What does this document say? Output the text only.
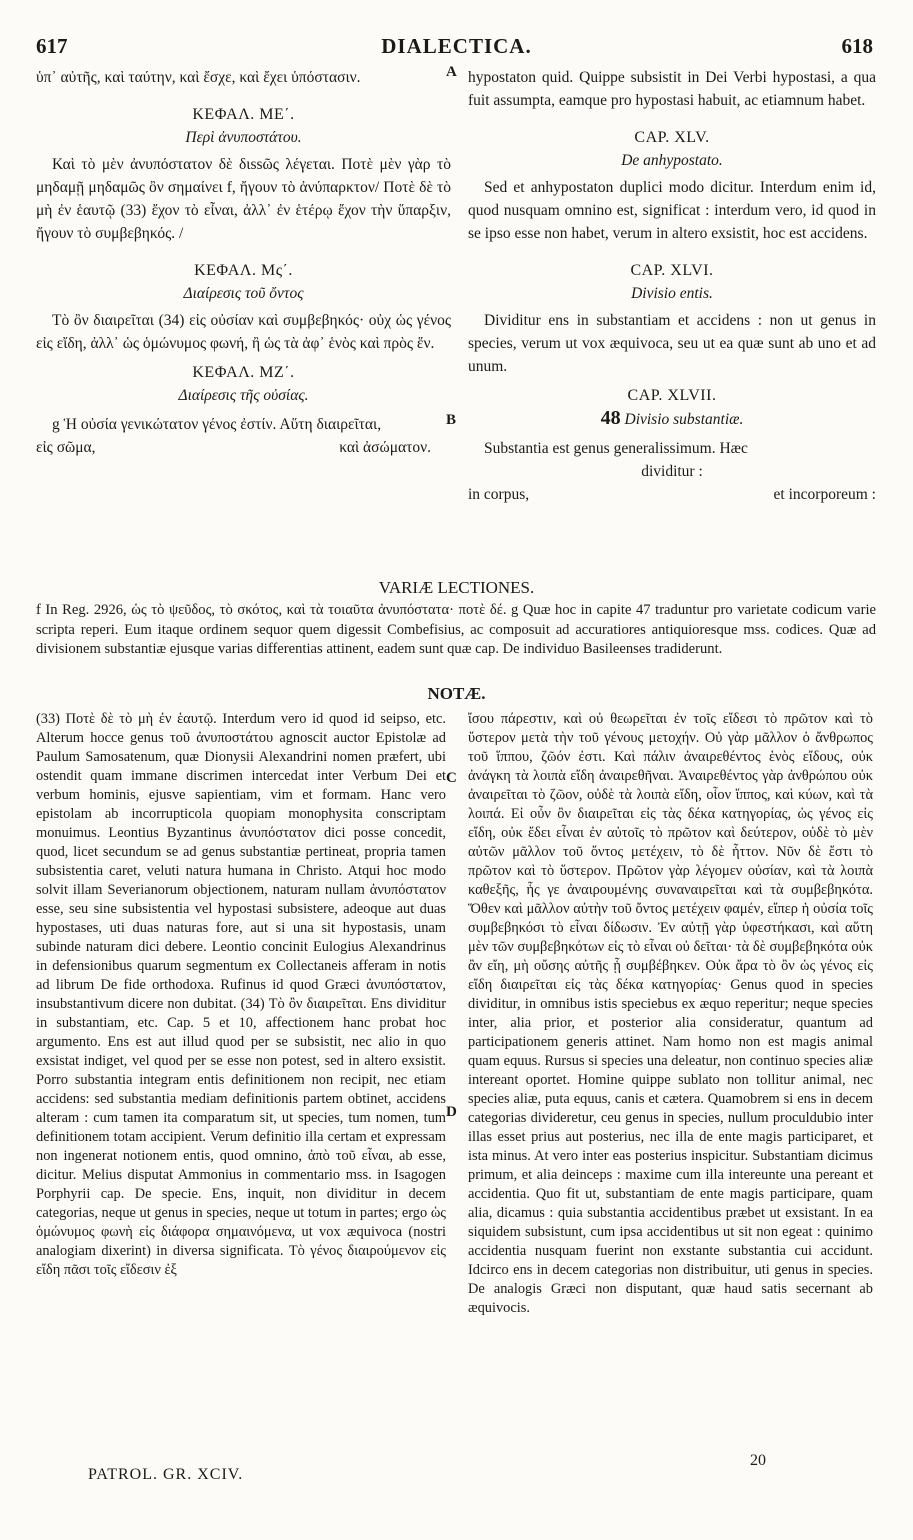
617	DIALECTICA.	618
A
B
C
D
ὑπ᾿ αὐτῆς, καὶ ταύτην, καὶ ἔσχε, καὶ ἔχει ὑπόστασιν.
ΚΕΦΑΛ. ΜΕ΄.
Περὶ ἀνυποστάτου.
Καὶ τὸ μὲν ἀνυπόστατον δὲ διssῶς λέγεται. Ποτὲ μὲν γὰρ τὸ μηδαμῇ μηδαμῶς ὂν σημαίνει f, ἤγουν τὸ ἀνύπαρκτον/ Ποτὲ δὲ τὸ μὴ ἐν ἑαυτῷ (33) ἔχον τὸ εἶναι, ἀλλ᾿ ἐν ἑτέρῳ ἔχον τὴν ὕπαρξιν, ἤγουν τὸ συμβεβηκός. /
ΚΕΦΑΛ. Μς΄.
Διαίρεσις τοῦ ὄντος
Τὸ ὂν διαιρεῖται (34) εἰς οὐσίαν καὶ συμβεβηκός· οὐχ ὡς γένος εἰς εἴδη, ἀλλ᾿ ὡς ὁμώνυμος φωνή, ἢ ὡς τὰ ἀφ᾿ ἑνὸς καὶ πρὸς ἕν.
ΚΕΦΑΛ. ΜΖ΄.
Διαίρεσις τῆς οὐσίας.
g Ἡ οὐσία γενικώτατον γένος ἐστίν. Αὕτη διαιρεῖται,
εἰς σῶμα,	καὶ ἀσώματον.
hypostaton quid. Quippe subsistit in Dei Verbi hypostasi, a qua fuit assumpta, eamque pro hypostasi habuit, ac etiamnum habet.
CAP. XLV.
De anhypostato.
Sed et anhypostaton duplici modo dicitur. Interdum enim id, quod nusquam omnino est, significat : interdum vero, id quod in se ipso esse non habet, verum in altero exsistit, hoc est accidens.
CAP. XLVI.
Divisio entis.
Dividitur ens in substantiam et accidens : non ut genus in species, verum ut vox æquivoca, seu ut ea quæ sunt ab uno et ad unum.
CAP. XLVII.
48 Divisio substantiæ.
Substantia est genus generalissimum. Hæc
dividitur :
in corpus,	et incorporeum :
VARIÆ LECTIONES.
f In Reg. 2926, ὡς τὸ ψεῦδος, τὸ σκότος, καὶ τὰ τοιαῦτα ἀνυπόστατα· ποτὲ δέ. g Quæ hoc in capite 47 traduntur pro varietate codicum varie scripta reperi. Eum itaque ordinem sequor quem digessit Combefisius, ac composuit ad accuratiores antiquioresque mss. codices. Quæ ad divisionem substantiæ ejusque varias differentias attinent, eadem sunt quæ cap. De individuo Basileenses tradiderunt.
NOTÆ.
(33) Ποτὲ δὲ τὸ μὴ ἐν ἑαυτῷ. Interdum vero id quod id seipso, etc. Alterum hocce genus τοῦ ἀνυποστάτου agnoscit auctor Epistolæ ad Paulum Samosatenum, quæ Dionysii Alexandrini nomen præfert, ubi ostendit quam immane discrimen intercedat inter Verbum Dei et verbum hominis, ejusve sapientiam, vim et formam. Hanc vero epistolam ab incorrupticola quopiam monophysita conscriptam monuimus. Leontius Byzantinus ἀνυπόστατον dici posse concedit, quod, licet secundum se ad genus substantiæ pertineat, propria tamen subsistentia caret, veluti natura humana in Christo. Atqui hoc modo solvit illam Severianorum objectionem, naturam nullam ἀνυπόστατον esse, seu sine subsistentia vel hypostasi subsistere, adeoque aut duas hypostases, uti duas naturas fore, aut si una sit hypostasis, unam subinde naturam dici debere. Leontio concinit Eulogius Alexandrinus in defensionibus quarum segmentum ex Collectaneis afferam in notis ad librum De fide orthodoxa. Rufinus id quod Græci ἀνυπόστατον, insubstantivum dicere non dubitat. (34) Τὸ ὂν διαιρεῖται. Ens dividitur in substantiam, etc. Cap. 5 et 10, affectionem hanc probat hoc argumento. Ens est aut illud quod per se subsistit, nec alio in quo exsistat indiget, vel quod per se esse non potest, sed in altero exsistit. Porro substantia integram entis definitionem non recipit, nec etiam accidens: sed substantia mediam definitionis partem obtinet, accidens alteram : cum tamen ita comparatum sit, ut species, tum nomen, tum definitionem totam accipient. Verum definitio illa certam et expressam non ingenerat notionem entis, quod omnino, ἀπὸ τοῦ εἶναι, ab esse, dicitur. Melius disputat Ammonius in commentario mss. in Isagogen Porphyrii cap. De specie. Ens, inquit, non dividitur in decem categorias, neque ut genus in species, neque ut totum in partes; ergo ὡς ὁμώνυμος φωνὴ εἰς διάφορα σημαινόμενα, ut vox æquivoca (nostri analogiam dixerint) in diversa significata. Τὸ γένος διαιρούμενον εἰς εἴδη πᾶσι τοῖς εἴδεσιν ἐξ
ἴσου πάρεστιν, καὶ οὐ θεωρεῖται ἐν τοῖς εἴδεσι τὸ πρῶτον καὶ τὸ ὕστερον μετὰ τὴν τοῦ γένους μετοχήν. Οὐ γὰρ μᾶλλον ὁ ἄνθρωπος τοῦ ἵππου, ζῶόν ἐστι. Καὶ πάλιν ἀναιρεθέντος ἑνὸς εἴδους, οὐκ ἀνάγκη τὰ λοιπὰ εἴδη ἀναιρεθῆναι. Ἀναιρεθέντος γὰρ ἀνθρώπου οὐκ ἀναιρεῖται τὸ ζῶον, οὐδὲ τὰ λοιπὰ εἴδη, οἷον ἵππος, καὶ κύων, καὶ τὰ λοιπά. Εἰ οὖν ὂν διαιρεῖται εἰς τὰς δέκα κατηγορίας, ὡς γένος εἰς εἴδη, οὐκ ἔδει εἶναι ἐν αὐτοῖς τὸ πρῶτον καὶ δεύτερον, οὐδὲ τὸ μὲν αὐτῶν μᾶλλον τοῦ ὄντος μετέχειν, τὸ δὲ ἧττον. Νῦν δὲ ἔστι τὸ πρῶτον καὶ τὸ ὕστερον. Πρῶτον γὰρ λέγομεν οὐσίαν, καὶ τὰ λοιπὰ καθεξῆς, ἧς γε ἀναιρουμένης συναναιρεῖται καὶ τὰ συμβεβηκότα. Ὅθεν καὶ μᾶλλον αὐτὴν τοῦ ὄντος μετέχειν φαμέν, εἴπερ ἡ οὐσία τοῖς συμβεβηκόσι τὸ εἶναι δίδωσιν. Ἐν αὐτῇ γὰρ ὑφεστήκασι, καὶ αὕτη μὲν τῶν συμβεβηκότων εἰς τὸ εἶναι οὐ δεῖται· τὰ δὲ συμβεβηκότα οὐκ ἂν εἴη, μὴ οὔσης αὐτῆς ᾗ συμβέβηκεν. Οὐκ ἄρα τὸ ὂν ὡς γένος εἰς εἴδη διαιρεῖται εἰς τὰς δέκα κατηγορίας· Genus quod in species dividitur, in omnibus istis speciebus ex æquo reperitur; neque species inter, alia prior, et posterior alia consideratur, quantum ad participationem generis attinet. Nam homo non est magis animal quam equus. Rursus si species una deleatur, non continuo species aliæ intereant oportet. Homine quippe sublato non tollitur animal, nec species aliæ, puta equus, canis et cætera. Quamobrem si ens in decem categorias divideretur, ceu genus in species, nullum proculdubio inter illas esset prius aut posterius, nec illa de ente magis participaret, et ista minus. At vero inter eas posterius inspicitur. Substantiam dicimus primum, et alia deinceps : maxime cum illa intereunte una pereant et accidentia. Quo fit ut, substantiam de ente magis participare, quam alia, dicamus : quia substantia accidentibus præbet ut exsistant. In ea siquidem subsistunt, cum ipsa accidentibus ut sit non egeat : quinimo accidentia nusquam fuerint non exstante substantia cui accidunt. Idcirco ens in decem categorias non distribuitur, uti genus in species. De analogis Græci non disputant, quæ haud satis secernant ab æquivocis.
PATROL. GR. XCIV.
20
